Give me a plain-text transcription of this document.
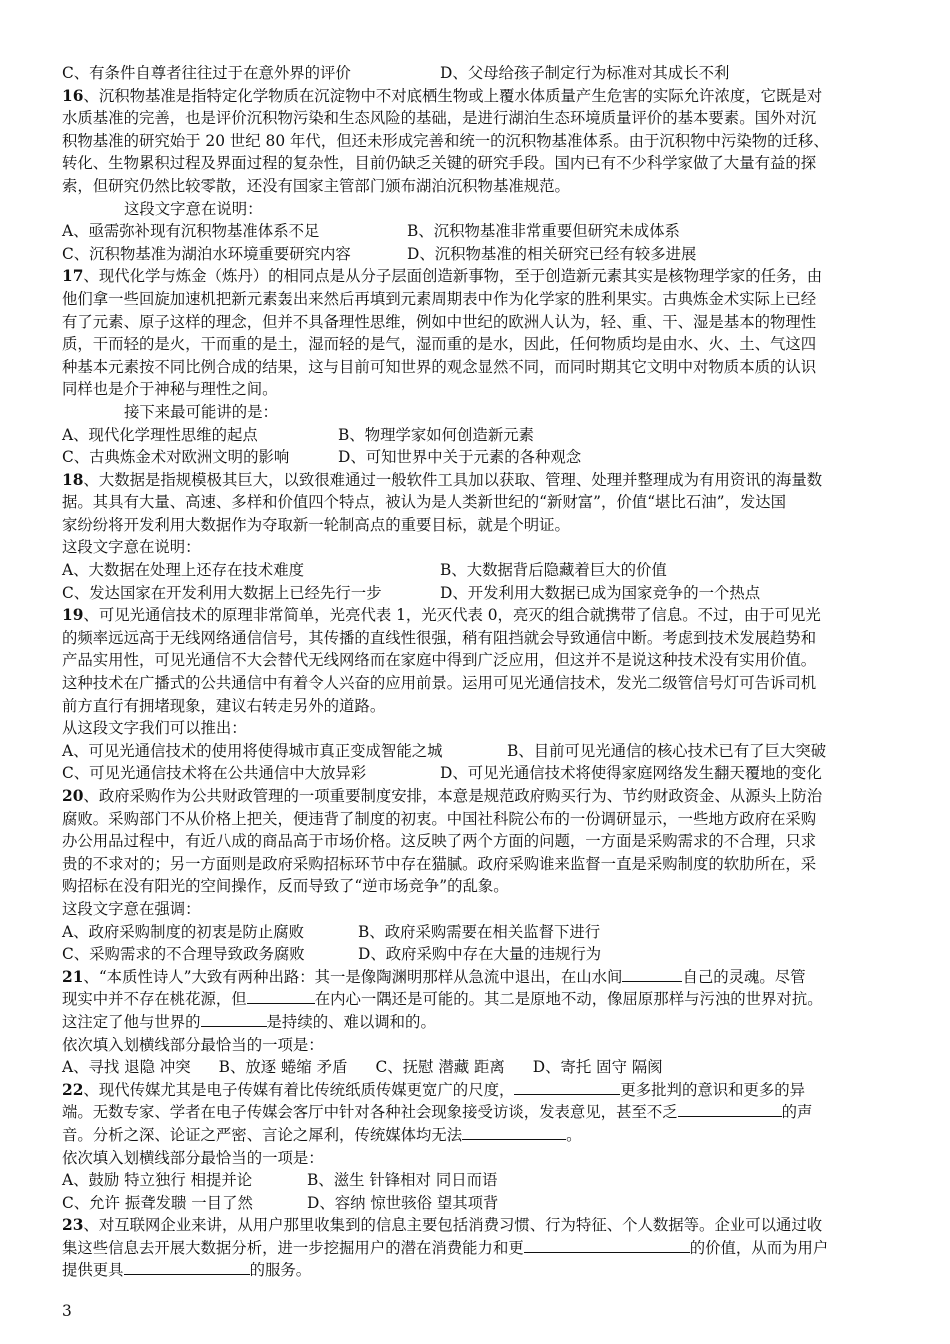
C、有条件自尊者往往过于在意外界的评价	D、父母给孩子制定行为标准对其成长不利
16、沉积物基准是指特定化学物质在沉淀物中不对底栖生物或上覆水体质量产生危害的实际允许浓度，它既是对
水质基准的完善，也是评价沉积物污染和生态风险的基础，是进行湖泊生态环境质量评价的基本要素。国外对沉
积物基准的研究始于 20 世纪 80 年代，但还未形成完善和统一的沉积物基准体系。由于沉积物中污染物的迁移、
转化、生物累积过程及界面过程的复杂性，目前仍缺乏关键的研究手段。国内已有不少科学家做了大量有益的探
索，但研究仍然比较零散，还没有国家主管部门颁布湖泊沉积物基准规范。
这段文字意在说明：
A、亟需弥补现有沉积物基准体系不足	B、沉积物基准非常重要但研究未成体系
C、沉积物基准为湖泊水环境重要研究内容	D、沉积物基准的相关研究已经有较多进展
17、现代化学与炼金（炼丹）的相同点是从分子层面创造新事物，至于创造新元素其实是核物理学家的任务，由
他们拿一些回旋加速机把新元素轰出来然后再填到元素周期表中作为化学家的胜利果实。古典炼金术实际上已经
有了元素、原子这样的理念，但并不具备理性思维，例如中世纪的欧洲人认为，轻、重、干、湿是基本的物理性
质，干而轻的是火，干而重的是土，湿而轻的是气，湿而重的是水，因此，任何物质均是由水、火、土、气这四
种基本元素按不同比例合成的结果，这与目前可知世界的观念显然不同，而同时期其它文明中对物质本质的认识
同样也是介于神秘与理性之间。
接下来最可能讲的是：
A、现代化学理性思维的起点	B、物理学家如何创造新元素
C、古典炼金术对欧洲文明的影响	D、可知世界中关于元素的各种观念
18、大数据是指规模极其巨大，以致很难通过一般软件工具加以获取、管理、处理并整理成为有用资讯的海量数
据。其具有大量、高速、多样和价值四个特点，被认为是人类新世纪的“新财富”，价值“堪比石油”，发达国
家纷纷将开发利用大数据作为夺取新一轮制高点的重要目标，就是个明证。
这段文字意在说明：
A、大数据在处理上还存在技术难度	B、大数据背后隐藏着巨大的价值
C、发达国家在开发利用大数据上已经先行一步	D、开发利用大数据已成为国家竞争的一个热点
19、可见光通信技术的原理非常简单，光亮代表 1，光灭代表 0，亮灭的组合就携带了信息。不过，由于可见光
的频率远远高于无线网络通信信号，其传播的直线性很强，稍有阻挡就会导致通信中断。考虑到技术发展趋势和
产品实用性，可见光通信不大会替代无线网络而在家庭中得到广泛应用，但这并不是说这种技术没有实用价值。
这种技术在广播式的公共通信中有着令人兴奋的应用前景。运用可见光通信技术，发光二级管信号灯可告诉司机
前方直行有拥堵现象，建议右转走另外的道路。
从这段文字我们可以推出：
A、可见光通信技术的使用将使得城市真正变成智能之城	B、目前可见光通信的核心技术已有了巨大突破
C、可见光通信技术将在公共通信中大放异彩	D、可见光通信技术将使得家庭网络发生翻天覆地的变化
20、政府采购作为公共财政管理的一项重要制度安排，本意是规范政府购买行为、节约财政资金、从源头上防治
腐败。采购部门不从价格上把关，便违背了制度的初衷。中国社科院公布的一份调研显示，一些地方政府在采购
办公用品过程中，有近八成的商品高于市场价格。这反映了两个方面的问题，一方面是采购需求的不合理，只求
贵的不求对的；另一方面则是政府采购招标环节中存在猫腻。政府采购谁来监督一直是采购制度的软肋所在，采
购招标在没有阳光的空间操作，反而导致了“逆市场竞争”的乱象。
这段文字意在强调：
A、政府采购制度的初衷是防止腐败	B、政府采购需要在相关监督下进行
C、采购需求的不合理导致政务腐败	D、政府采购中存在大量的违规行为
21、“本质性诗人”大致有两种出路：其一是像陶渊明那样从急流中退出，在山水间	自己的灵魂。尽管
现实中并不存在桃花源，但	在内心一隅还是可能的。其二是原地不动，像屈原那样与污浊的世界对抗。
这注定了他与世界的	是持续的、难以调和的。
依次填入划横线部分最恰当的一项是：
A、寻找 退隐 冲突 B、放逐 蜷缩 矛盾 C、抚慰 潜藏 距离 D、寄托 固守 隔阂
22、现代传媒尤其是电子传媒有着比传统纸质传媒更宽广的尺度，	更多批判的意识和更多的异
端。无数专家、学者在电子传媒会客厅中针对各种社会现象接受访谈，发表意见，甚至不乏	的声
音。分析之深、论证之严密、言论之犀利，传统媒体均无法	。
依次填入划横线部分最恰当的一项是：
A、鼓励 特立独行 相提并论	B、滋生 针锋相对 同日而语
C、允许 振聋发聩 一目了然	D、容纳 惊世骇俗 望其项背
23、对互联网企业来讲，从用户那里收集到的信息主要包括消费习惯、行为特征、个人数据等。企业可以通过收
集这些信息去开展大数据分析，进一步挖掘用户的潜在消费能力和更	的价值，从而为用户
提供更具	的服务。
3
